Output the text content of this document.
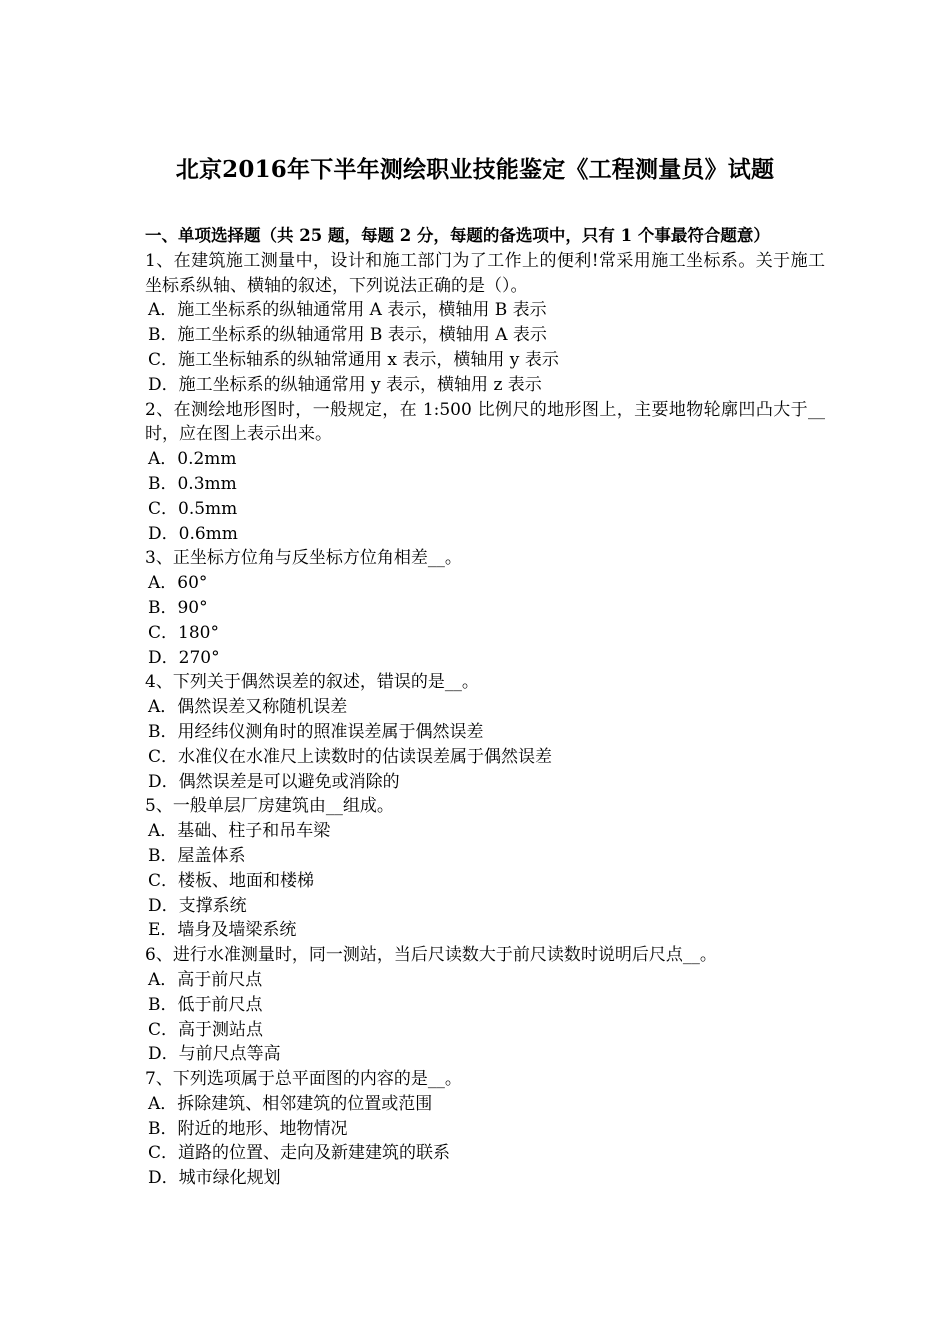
北京2016年下半年测绘职业技能鉴定《工程测量员》试题
一、单项选择题（共 25 题，每题 2 分，每题的备选项中，只有 1 个事最符合题意）
1、在建筑施工测量中，设计和施工部门为了工作上的便利!常采用施工坐标系。关于施工坐标系纵轴、横轴的叙述，下列说法正确的是（）。
A．施工坐标系的纵轴通常用 A 表示，横轴用 B 表示
B．施工坐标系的纵轴通常用 B 表示，横轴用 A 表示
C．施工坐标轴系的纵轴常通用 x 表示，横轴用 y 表示
D．施工坐标系的纵轴通常用 y 表示，横轴用 z 表示
2、在测绘地形图时，一般规定，在 1:500 比例尺的地形图上，主要地物轮廓凹凸大于__时，应在图上表示出来。
A．0.2mm
B．0.3mm
C．0.5mm
D．0.6mm
3、正坐标方位角与反坐标方位角相差__。
A．60°
B．90°
C．180°
D．270°
4、下列关于偶然误差的叙述，错误的是__。
A．偶然误差又称随机误差
B．用经纬仪测角时的照准误差属于偶然误差
C．水准仪在水准尺上读数时的估读误差属于偶然误差
D．偶然误差是可以避免或消除的
5、一般单层厂房建筑由__组成。
A．基础、柱子和吊车梁
B．屋盖体系
C．楼板、地面和楼梯
D．支撑系统
E．墙身及墙梁系统
6、进行水准测量时，同一测站，当后尺读数大于前尺读数时说明后尺点__。
A．高于前尺点
B．低于前尺点
C．高于测站点
D．与前尺点等高
7、下列选项属于总平面图的内容的是__。
A．拆除建筑、相邻建筑的位置或范围
B．附近的地形、地物情况
C．道路的位置、走向及新建建筑的联系
D．城市绿化规划
